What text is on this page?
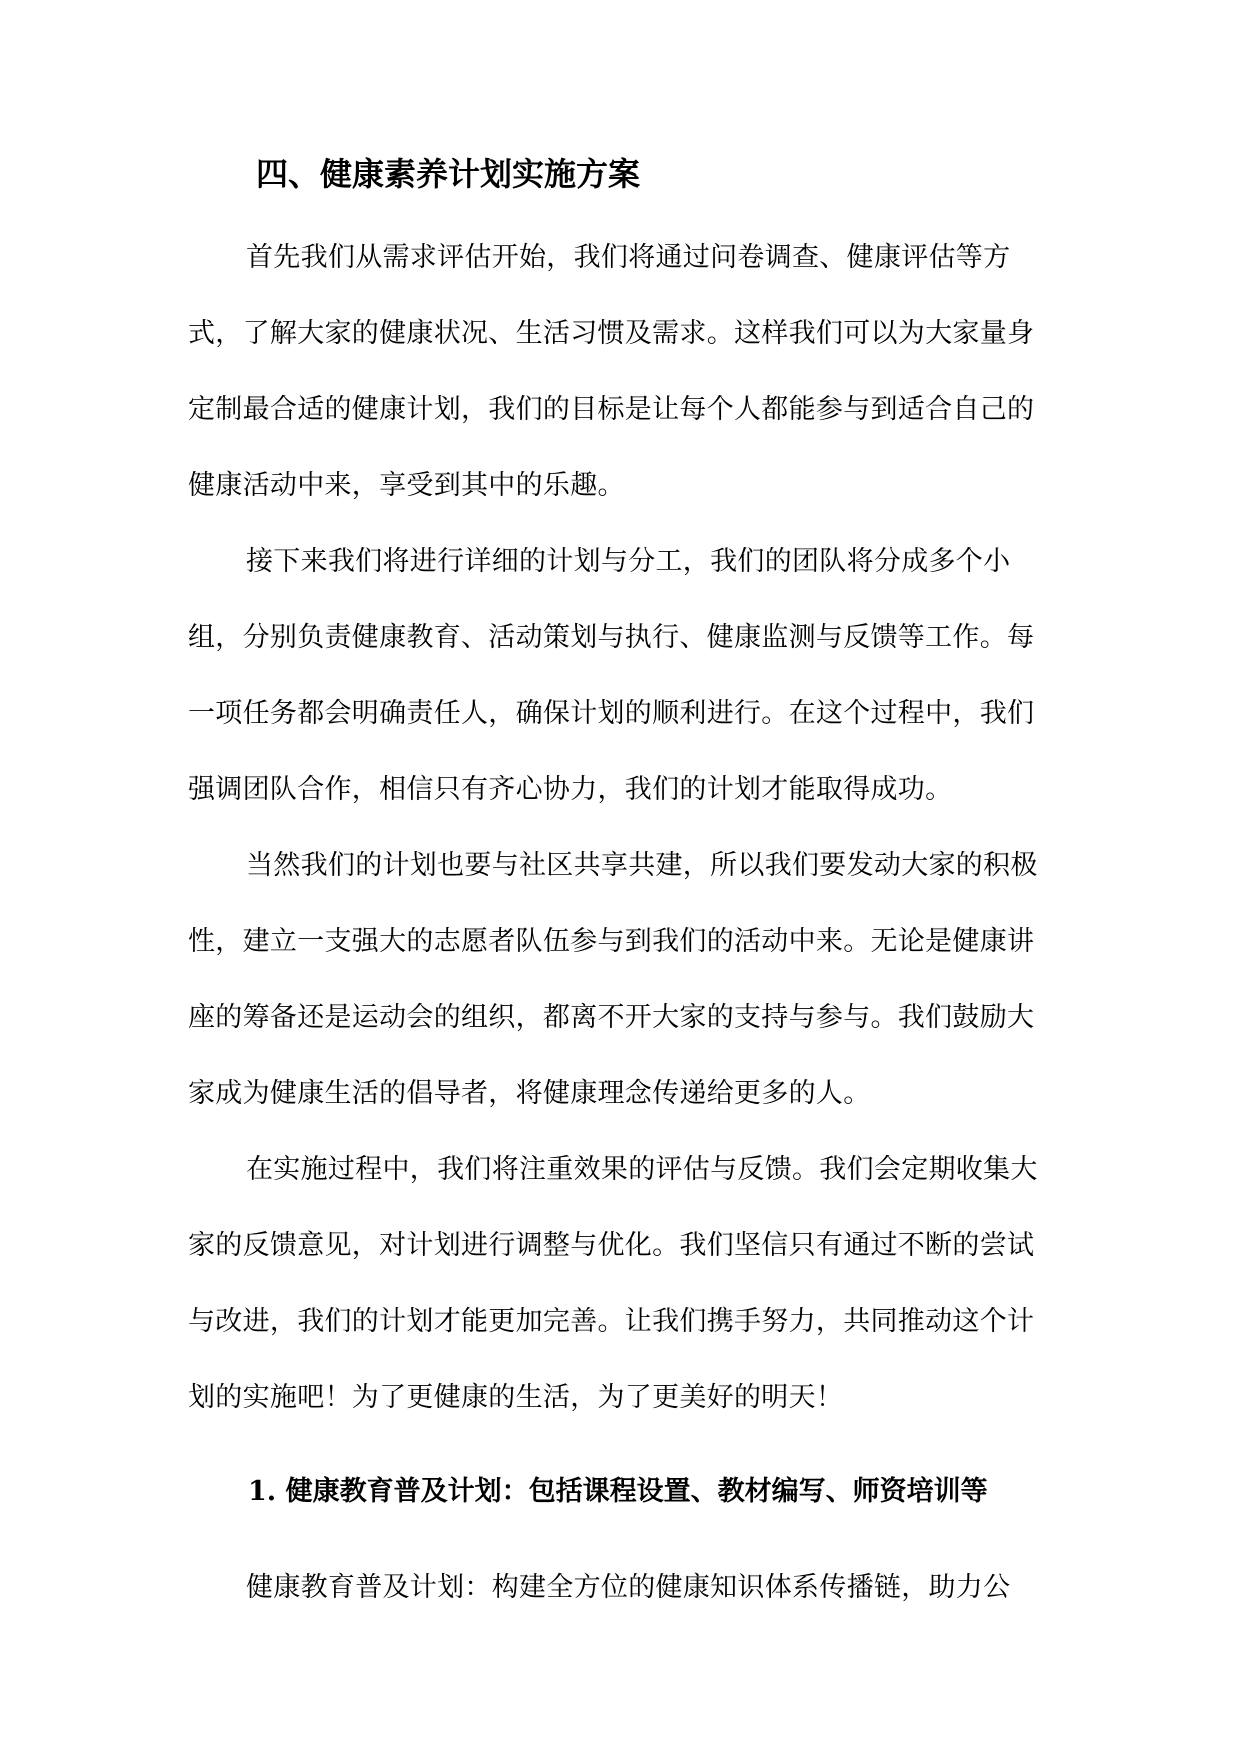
四、健康素养计划实施方案

首先我们从需求评估开始，我们将通过问卷调查、健康评估等方式，了解大家的健康状况、生活习惯及需求。这样我们可以为大家量身定制最合适的健康计划，我们的目标是让每个人都能参与到适合自己的健康活动中来，享受到其中的乐趣。

接下来我们将进行详细的计划与分工，我们的团队将分成多个小组，分别负责健康教育、活动策划与执行、健康监测与反馈等工作。每一项任务都会明确责任人，确保计划的顺利进行。在这个过程中，我们强调团队合作，相信只有齐心协力，我们的计划才能取得成功。

当然我们的计划也要与社区共享共建，所以我们要发动大家的积极性，建立一支强大的志愿者队伍参与到我们的活动中来。无论是健康讲座的筹备还是运动会的组织，都离不开大家的支持与参与。我们鼓励大家成为健康生活的倡导者，将健康理念传递给更多的人。

在实施过程中，我们将注重效果的评估与反馈。我们会定期收集大家的反馈意见，对计划进行调整与优化。我们坚信只有通过不断的尝试与改进，我们的计划才能更加完善。让我们携手努力，共同推动这个计划的实施吧！为了更健康的生活，为了更美好的明天！

1. 健康教育普及计划：包括课程设置、教材编写、师资培训等

健康教育普及计划：构建全方位的健康知识体系传播链，助力公
